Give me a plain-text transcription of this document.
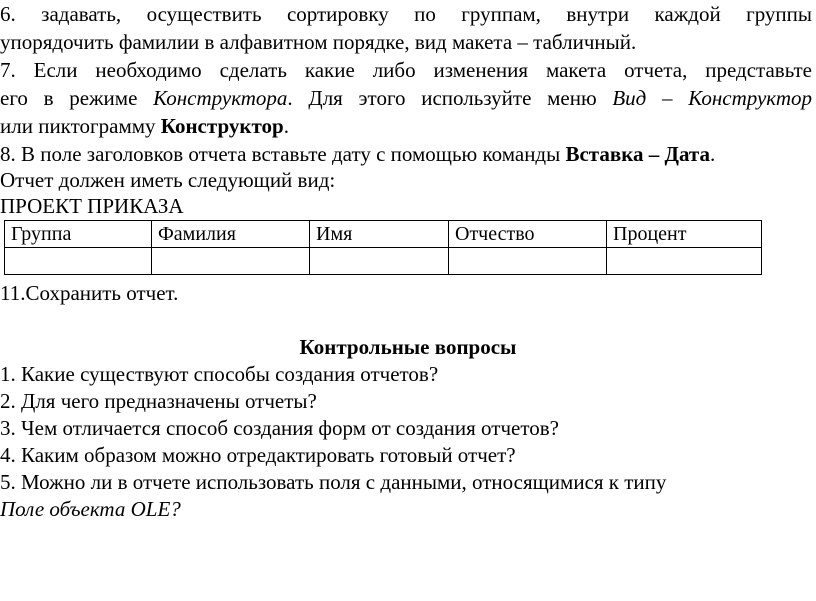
6. задавать, осуществить сортировку по группам, внутри каждой группы
упорядочить фамилии в алфавитном порядке, вид макета – табличный.
7. Если необходимо сделать какие либо изменения макета отчета, представьте
его в режиме Конструктора. Для этого используйте меню Вид – Конструктор
или пиктограмму Конструктор.
8. В поле заголовков отчета вставьте дату с помощью команды Вставка – Дата.
Отчет должен иметь следующий вид:
ПРОЕКТ ПРИКАЗА
Группа	Фамилия	Имя	Отчество	Процент

11.Сохранить отчет.
Контрольные вопросы
1. Какие существуют способы создания отчетов?
2. Для чего предназначены отчеты?
3. Чем отличается способ создания форм от создания отчетов?
4. Каким образом можно отредактировать готовый отчет?
5. Можно ли в отчете использовать поля с данными, относящимися к типу
Поле объекта OLE?
